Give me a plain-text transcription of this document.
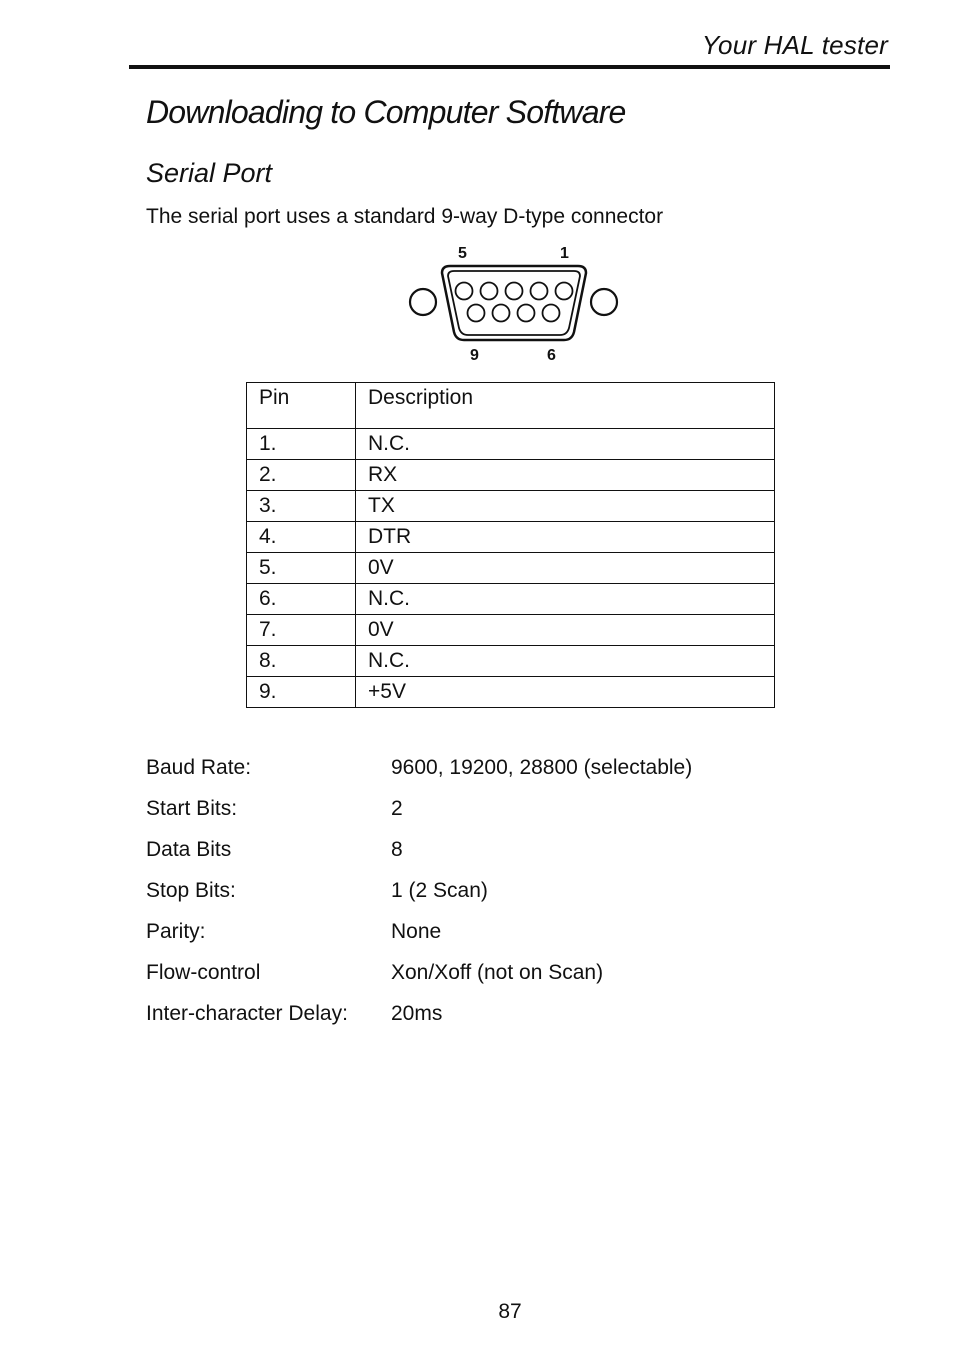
Your HAL tester
Downloading to Computer Software
Serial Port
The serial port uses a standard 9-way D-type connector
5	1
9	6
Pin	Description
1.	N.C.
2.	RX
3.	TX
4.	DTR
5.	0V
6.	N.C.
7.	0V
8.	N.C.
9.	+5V
Baud Rate:	9600, 19200, 28800 (selectable)
Start Bits:	2
Data Bits	8
Stop Bits:	1 (2 Scan)
Parity:	None
Flow-control	Xon/Xoff (not on Scan)
Inter-character Delay:	20ms
87
